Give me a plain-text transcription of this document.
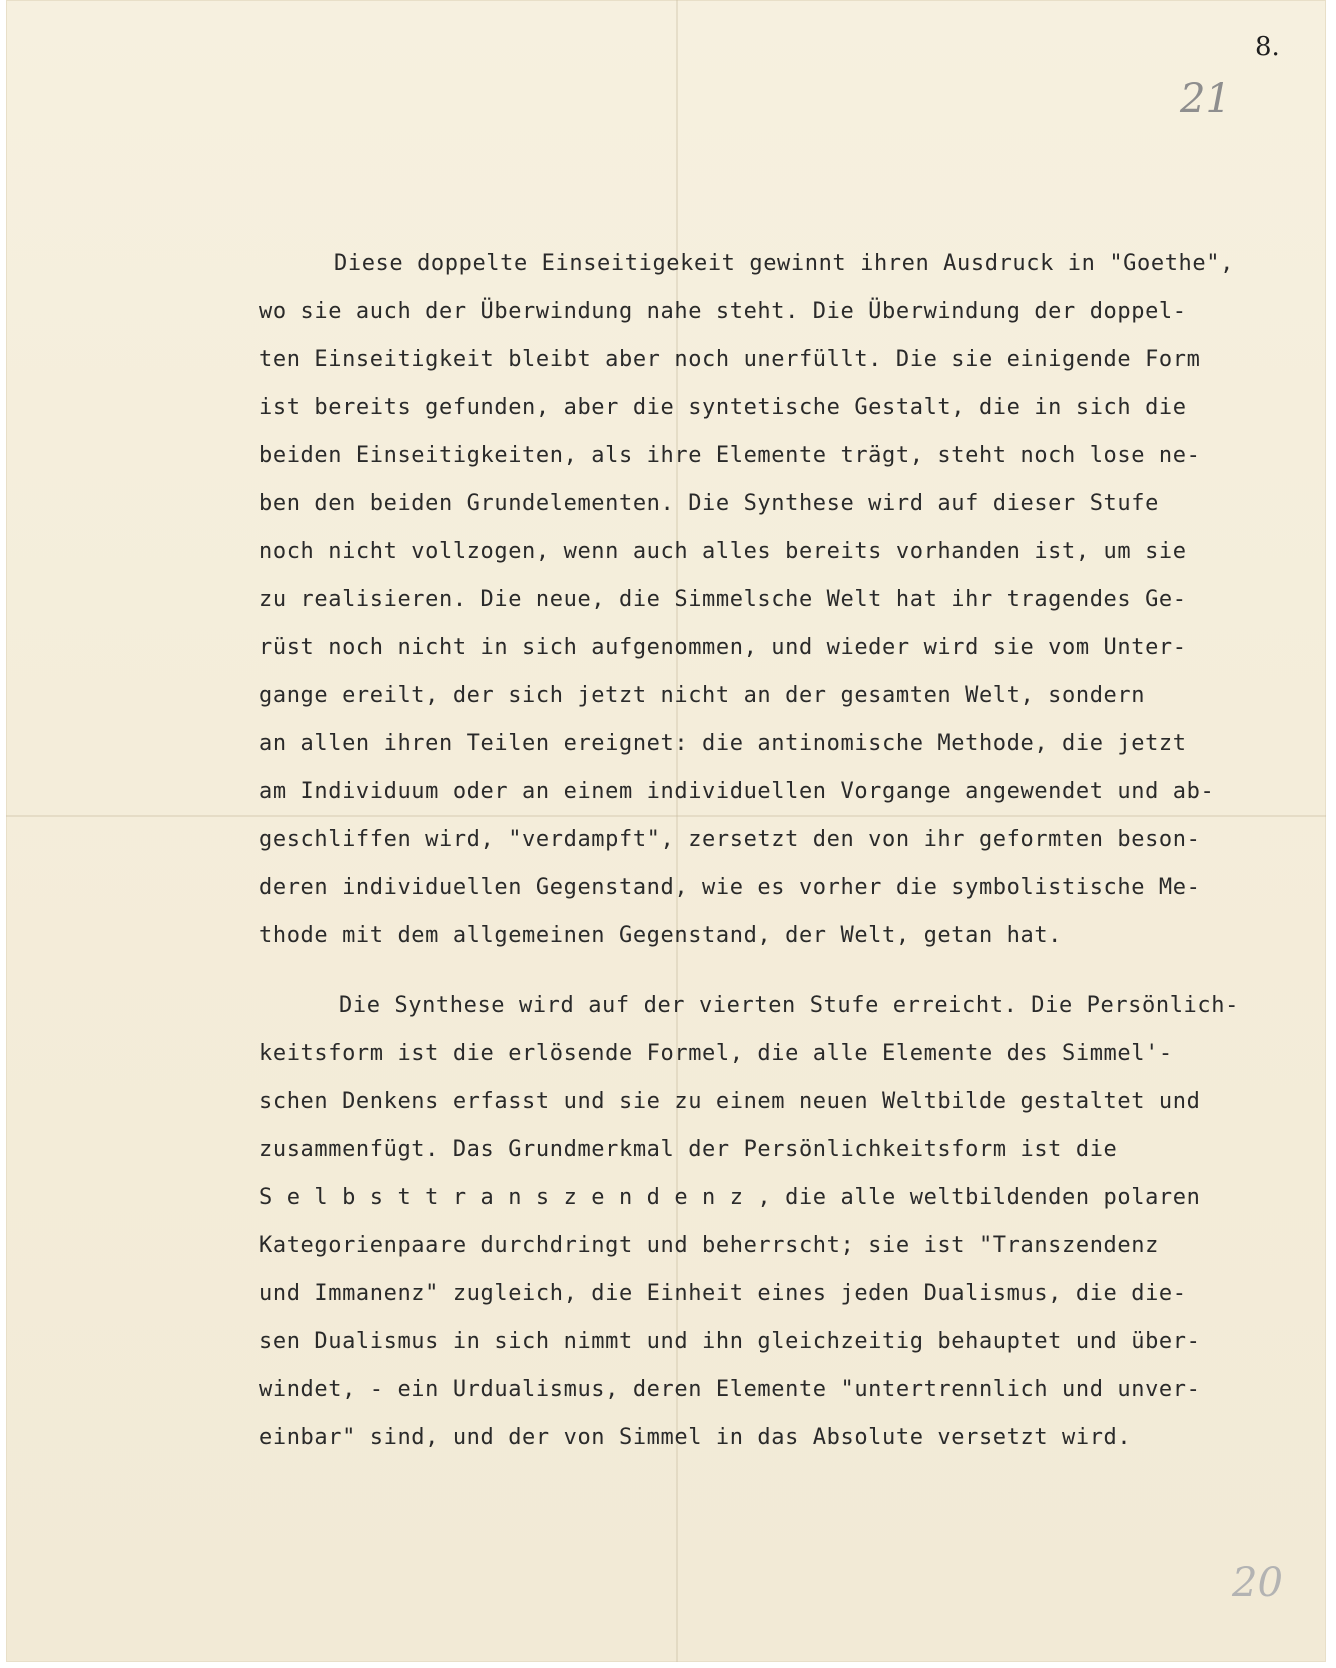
8.
21
20
Diese doppelte Einseitigekeit gewinnt ihren Ausdruck in "Goethe",
wo sie auch der Überwindung nahe steht. Die Überwindung der doppel-
ten Einseitigkeit bleibt aber noch unerfüllt. Die sie einigende Form
ist bereits gefunden, aber die syntetische Gestalt, die in sich die
beiden Einseitigkeiten, als ihre Elemente trägt, steht noch lose ne-
ben den beiden Grundelementen. Die Synthese wird auf dieser Stufe
noch nicht vollzogen, wenn auch alles bereits vorhanden ist, um sie
zu realisieren. Die neue, die Simmelsche Welt hat ihr tragendes Ge-
rüst noch nicht in sich aufgenommen, und wieder wird sie vom Unter-
gange ereilt, der sich jetzt nicht an der gesamten Welt, sondern
an allen ihren Teilen ereignet: die antinomische Methode, die jetzt
am Individuum oder an einem individuellen Vorgange angewendet und ab-
geschliffen wird, "verdampft", zersetzt den von ihr geformten beson-
deren individuellen Gegenstand, wie es vorher die symbolistische Me-
thode mit dem allgemeinen Gegenstand, der Welt, getan hat.
Die Synthese wird auf der vierten Stufe erreicht. Die Persönlich-
keitsform ist die erlösende Formel, die alle Elemente des Simmel'-
schen Denkens erfasst und sie zu einem neuen Weltbilde gestaltet und
zusammenfügt. Das Grundmerkmal der Persönlichkeitsform ist die
S e l b s t t r a n s z e n d e n z , die alle weltbildenden polaren
Kategorienpaare durchdringt und beherrscht; sie ist "Transzendenz
und Immanenz" zugleich, die Einheit eines jeden Dualismus, die die-
sen Dualismus in sich nimmt und ihn gleichzeitig behauptet und über-
windet, - ein Urdualismus, deren Elemente "untertrennlich und unver-
einbar" sind, und der von Simmel in das Absolute versetzt wird.
